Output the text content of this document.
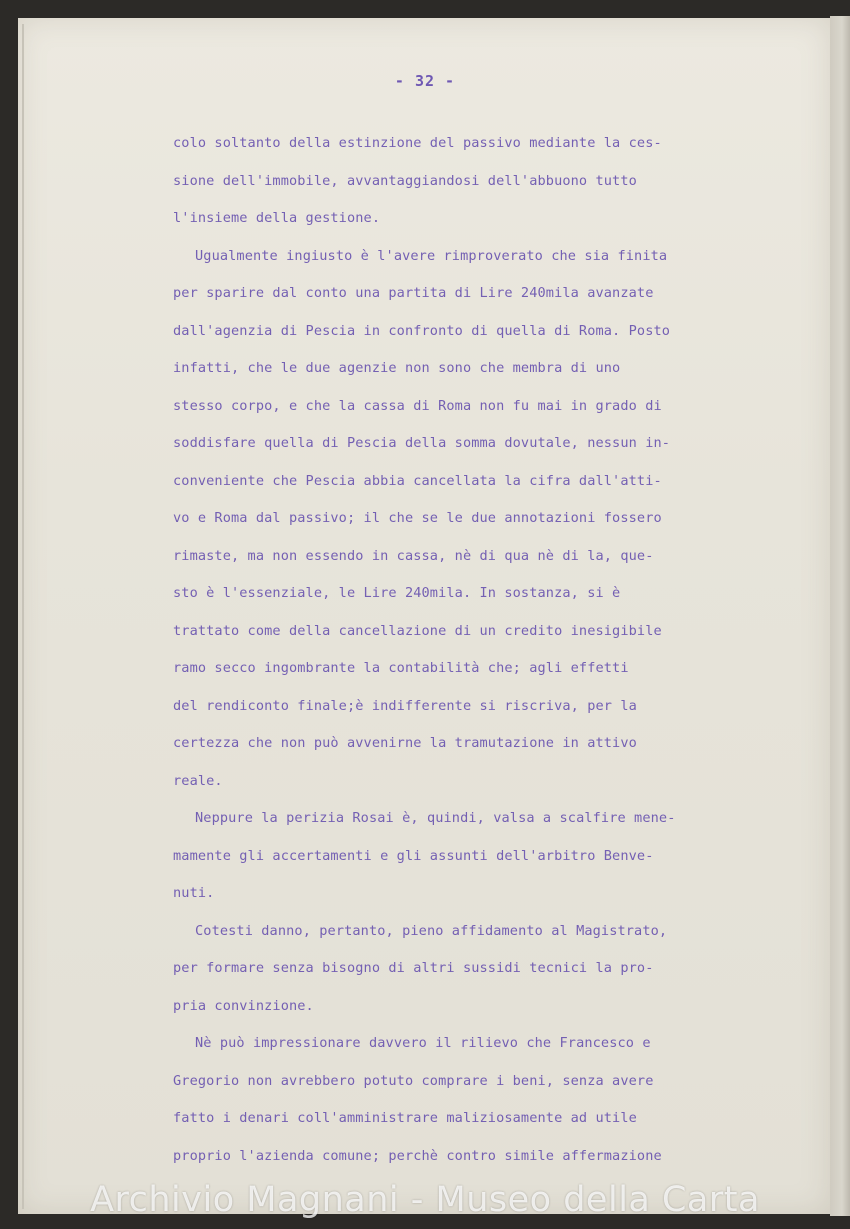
- 32 -
colo soltanto della estinzione del passivo mediante la ces-
sione dell'immobile, avvantaggiandosi dell'abbuono tutto
l'insieme della gestione.
Ugualmente ingiusto è l'avere rimproverato che sia finita
per sparire dal conto una partita di Lire 240mila avanzate
dall'agenzia di Pescia in confronto di quella di Roma. Posto
infatti, che le due agenzie non sono che membra di uno
stesso corpo, e che la cassa di Roma non fu mai in grado di
soddisfare quella di Pescia della somma dovutale, nessun in-
conveniente che Pescia abbia cancellata la cifra dall'atti-
vo e Roma dal passivo; il che se le due annotazioni fossero
rimaste, ma non essendo in cassa, nè di qua nè di la, que-
sto è l'essenziale, le Lire 240mila. In sostanza, si è
trattato come della cancellazione di un credito inesigibile
ramo secco ingombrante la contabilità che; agli effetti
del rendiconto finale;è indifferente si riscriva, per la
certezza che non può avvenirne la tramutazione in attivo
reale.
Neppure la perizia Rosai è, quindi, valsa a scalfire mene-
mamente gli accertamenti e gli assunti dell'arbitro Benve-
nuti.
Cotesti danno, pertanto, pieno affidamento al Magistrato,
per formare senza bisogno di altri sussidi tecnici la pro-
pria convinzione.
Nè può impressionare davvero il rilievo che Francesco e
Gregorio non avrebbero potuto comprare i beni, senza avere
fatto i denari coll'amministrare maliziosamente ad utile
proprio l'azienda comune; perchè contro simile affermazione
Archivio Magnani - Museo della Carta
